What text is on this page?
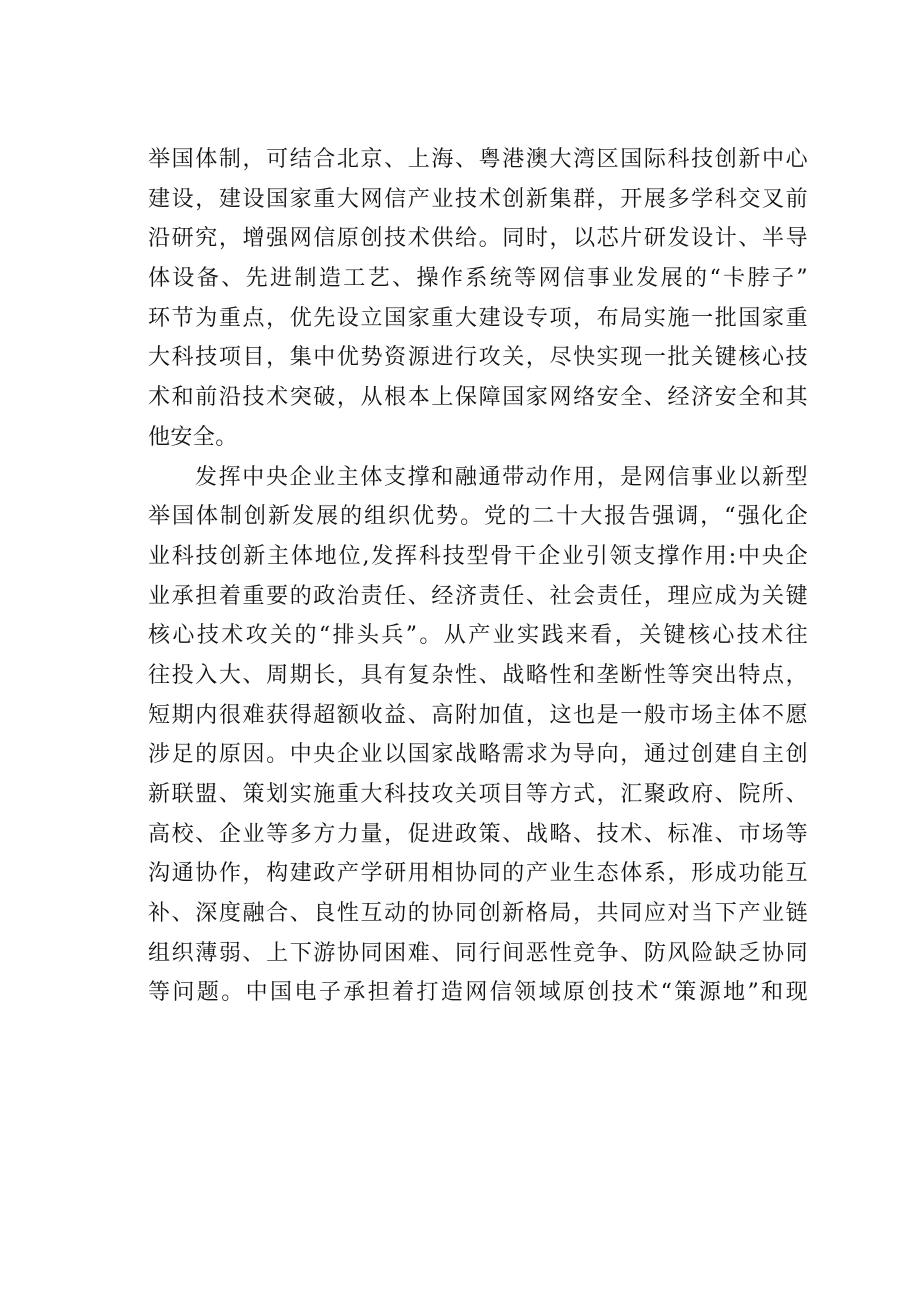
举国体制，可结合北京、上海、粤港澳大湾区国际科技创新中心
建设，建设国家重大网信产业技术创新集群，开展多学科交叉前
沿研究，增强网信原创技术供给。同时，以芯片研发设计、半导
体设备、先进制造工艺、操作系统等网信事业发展的“卡脖子”
环节为重点，优先设立国家重大建设专项，布局实施一批国家重
大科技项目，集中优势资源进行攻关，尽快实现一批关键核心技
术和前沿技术突破，从根本上保障国家网络安全、经济安全和其
他安全。
发挥中央企业主体支撑和融通带动作用，是网信事业以新型
举国体制创新发展的组织优势。党的二十大报告强调，“强化企
业科技创新主体地位,发挥科技型骨干企业引领支撑作用:中央企
业承担着重要的政治责任、经济责任、社会责任，理应成为关键
核心技术攻关的“排头兵”。从产业实践来看，关键核心技术往
往投入大、周期长，具有复杂性、战略性和垄断性等突出特点，
短期内很难获得超额收益、高附加值，这也是一般市场主体不愿
涉足的原因。中央企业以国家战略需求为导向，通过创建自主创
新联盟、策划实施重大科技攻关项目等方式，汇聚政府、院所、
高校、企业等多方力量，促进政策、战略、技术、标准、市场等
沟通协作，构建政产学研用相协同的产业生态体系，形成功能互
补、深度融合、良性互动的协同创新格局，共同应对当下产业链
组织薄弱、上下游协同困难、同行间恶性竞争、防风险缺乏协同
等问题。中国电子承担着打造网信领域原创技术“策源地”和现
